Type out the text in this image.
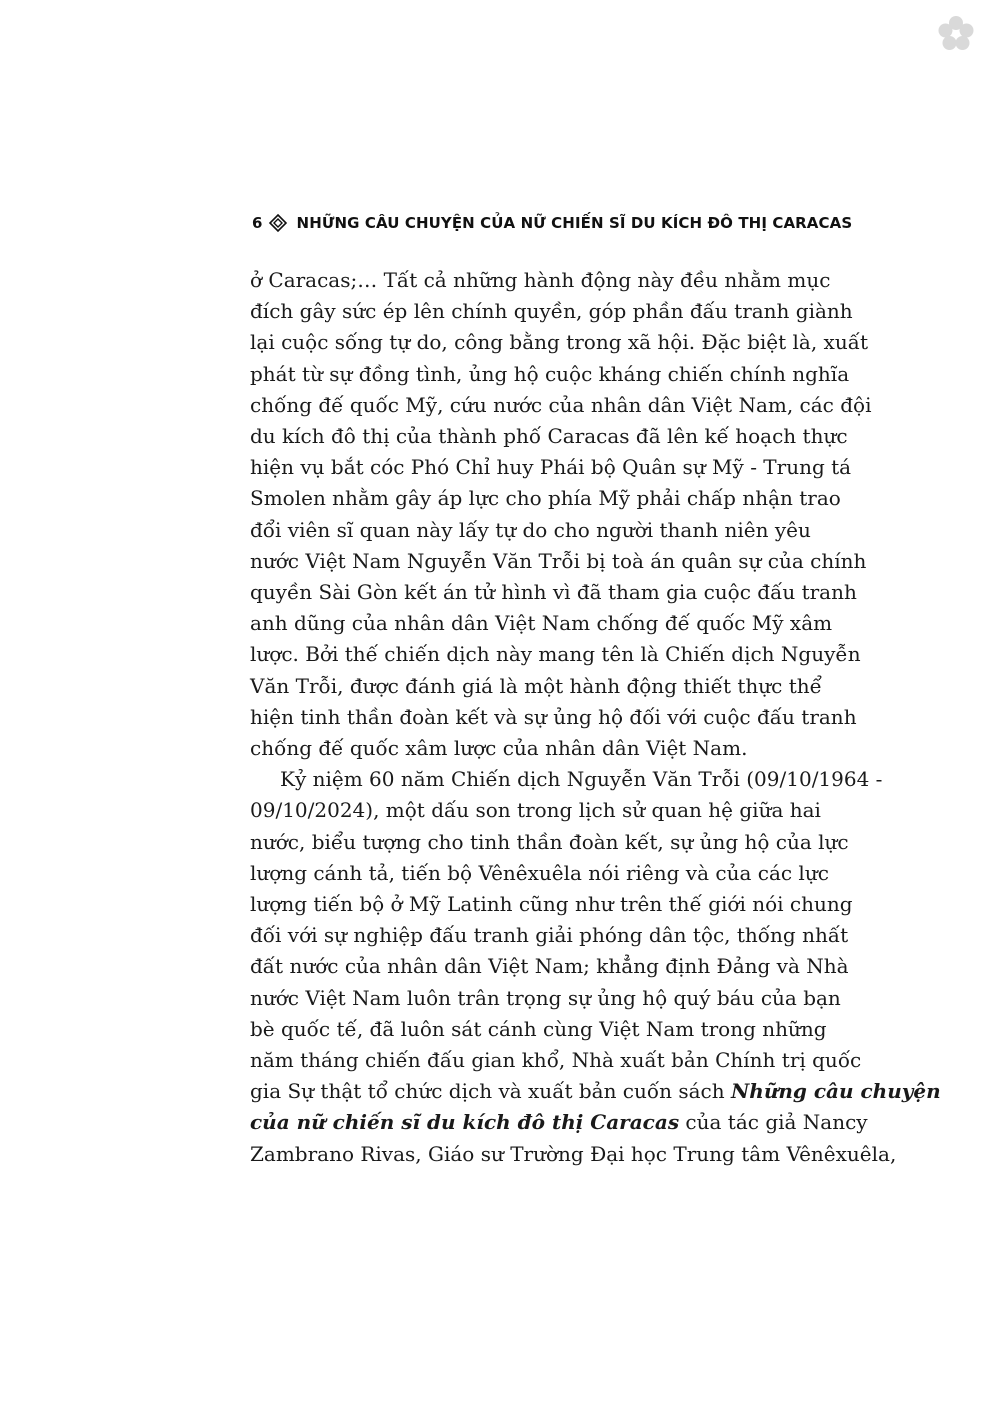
6 NHỮNG CÂU CHUYỆN CỦA NỮ CHIẾN SĨ DU KÍCH ĐÔ THỊ CARACAS

ở Caracas;… Tất cả những hành động này đều nhằm mục
đích gây sức ép lên chính quyền, góp phần đấu tranh giành
lại cuộc sống tự do, công bằng trong xã hội. Đặc biệt là, xuất
phát từ sự đồng tình, ủng hộ cuộc kháng chiến chính nghĩa
chống đế quốc Mỹ, cứu nước của nhân dân Việt Nam, các đội
du kích đô thị của thành phố Caracas đã lên kế hoạch thực
hiện vụ bắt cóc Phó Chỉ huy Phái bộ Quân sự Mỹ - Trung tá
Smolen nhằm gây áp lực cho phía Mỹ phải chấp nhận trao
đổi viên sĩ quan này lấy tự do cho người thanh niên yêu
nước Việt Nam Nguyễn Văn Trỗi bị toà án quân sự của chính
quyền Sài Gòn kết án tử hình vì đã tham gia cuộc đấu tranh
anh dũng của nhân dân Việt Nam chống đế quốc Mỹ xâm
lược. Bởi thế chiến dịch này mang tên là Chiến dịch Nguyễn
Văn Trỗi, được đánh giá là một hành động thiết thực thể
hiện tinh thần đoàn kết và sự ủng hộ đối với cuộc đấu tranh
chống đế quốc xâm lược của nhân dân Việt Nam.

Kỷ niệm 60 năm Chiến dịch Nguyễn Văn Trỗi (09/10/1964 -
09/10/2024), một dấu son trong lịch sử quan hệ giữa hai
nước, biểu tượng cho tinh thần đoàn kết, sự ủng hộ của lực
lượng cánh tả, tiến bộ Vênêxuêla nói riêng và của các lực
lượng tiến bộ ở Mỹ Latinh cũng như trên thế giới nói chung
đối với sự nghiệp đấu tranh giải phóng dân tộc, thống nhất
đất nước của nhân dân Việt Nam; khẳng định Đảng và Nhà
nước Việt Nam luôn trân trọng sự ủng hộ quý báu của bạn
bè quốc tế, đã luôn sát cánh cùng Việt Nam trong những
năm tháng chiến đấu gian khổ, Nhà xuất bản Chính trị quốc
gia Sự thật tổ chức dịch và xuất bản cuốn sách Những câu chuyện
của nữ chiến sĩ du kích đô thị Caracas của tác giả Nancy
Zambrano Rivas, Giáo sư Trường Đại học Trung tâm Vênêxuêla,
